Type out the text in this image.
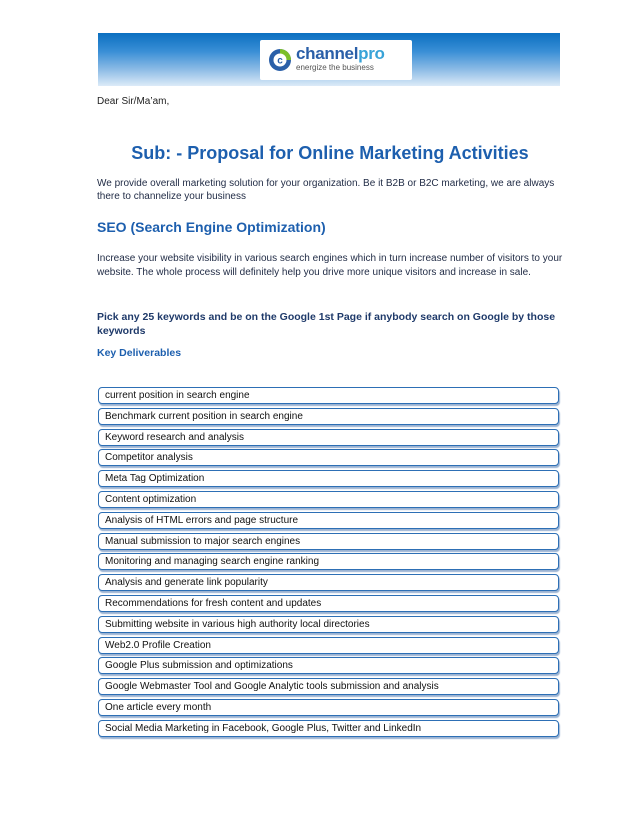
c channelpro
energize the business
Dear Sir/Ma’am,
Sub: - Proposal for Online Marketing Activities
We provide overall marketing solution for your organization. Be it B2B or B2C marketing, we are always there to channelize your business
SEO (Search Engine Optimization)
Increase your website visibility in various search engines which in turn increase number of visitors to your website. The whole process will definitely help you drive more unique visitors and increase in sale.
Pick any 25 keywords and be on the Google 1st Page if anybody search on Google by those keywords
Key Deliverables
current position in search engine
Benchmark current position in search engine
Keyword research and analysis
Competitor analysis
Meta Tag Optimization
Content optimization
Analysis of HTML errors and page structure
Manual submission to major search engines
Monitoring and managing search engine ranking
Analysis and generate link popularity
Recommendations for fresh content and updates
Submitting website in various high authority local directories
Web2.0 Profile Creation
Google Plus submission and optimizations
Google Webmaster Tool and Google Analytic tools submission and analysis
One article every month
Social Media Marketing in Facebook, Google Plus, Twitter and LinkedIn
